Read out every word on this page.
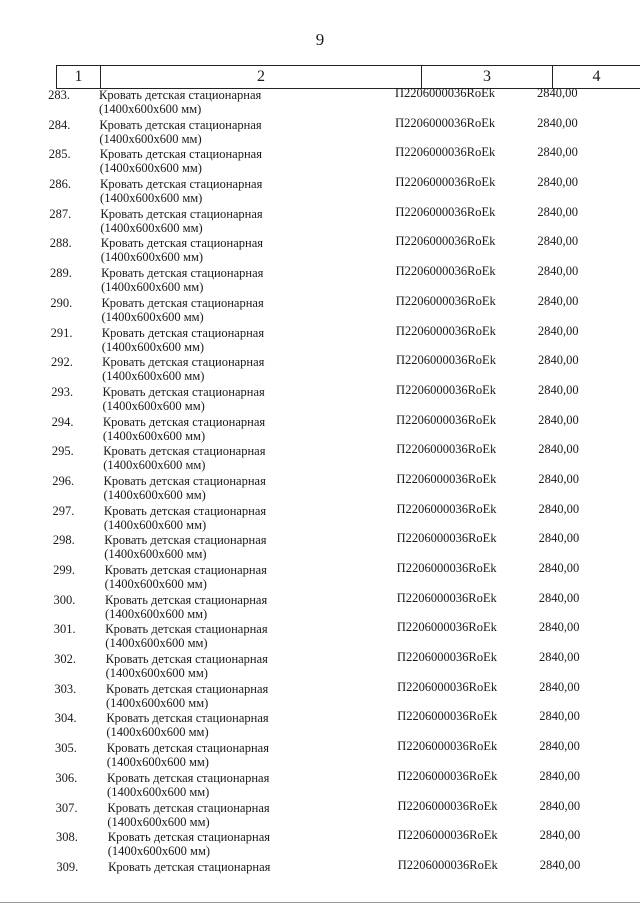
9
1	2	3	4
283. Кровать детская стационарная
(1400x600x600 мм)
П2206000036RoEk	2840,00
284. Кровать детская стационарная
(1400x600x600 мм)
П2206000036RoEk	2840,00
285. Кровать детская стационарная
(1400x600x600 мм)
П2206000036RoEk	2840,00
286. Кровать детская стационарная
(1400x600x600 мм)
П2206000036RoEk	2840,00
287. Кровать детская стационарная
(1400x600x600 мм)
П2206000036RoEk	2840,00
288. Кровать детская стационарная
(1400x600x600 мм)
П2206000036RoEk	2840,00
289. Кровать детская стационарная
(1400x600x600 мм)
П2206000036RoEk	2840,00
290. Кровать детская стационарная
(1400x600x600 мм)
П2206000036RoEk	2840,00
291. Кровать детская стационарная
(1400x600x600 мм)
П2206000036RoEk	2840,00
292. Кровать детская стационарная
(1400x600x600 мм)
П2206000036RoEk	2840,00
293. Кровать детская стационарная
(1400x600x600 мм)
П2206000036RoEk	2840,00
294. Кровать детская стационарная
(1400x600x600 мм)
П2206000036RoEk	2840,00
295. Кровать детская стационарная
(1400x600x600 мм)
П2206000036RoEk	2840,00
296. Кровать детская стационарная
(1400x600x600 мм)
П2206000036RoEk	2840,00
297. Кровать детская стационарная
(1400x600x600 мм)
П2206000036RoEk	2840,00
298. Кровать детская стационарная
(1400x600x600 мм)
П2206000036RoEk	2840,00
299. Кровать детская стационарная
(1400x600x600 мм)
П2206000036RoEk	2840,00
300. Кровать детская стационарная
(1400x600x600 мм)
П2206000036RoEk	2840,00
301. Кровать детская стационарная
(1400x600x600 мм)
П2206000036RoEk	2840,00
302. Кровать детская стационарная
(1400x600x600 мм)
П2206000036RoEk	2840,00
303. Кровать детская стационарная
(1400x600x600 мм)
П2206000036RoEk	2840,00
304. Кровать детская стационарная
(1400x600x600 мм)
П2206000036RoEk	2840,00
305. Кровать детская стационарная
(1400x600x600 мм)
П2206000036RoEk	2840,00
306. Кровать детская стационарная
(1400x600x600 мм)
П2206000036RoEk	2840,00
307. Кровать детская стационарная
(1400x600x600 мм)
П2206000036RoEk	2840,00
308. Кровать детская стационарная
(1400x600x600 мм)
П2206000036RoEk	2840,00
309. Кровать детская стационарная	П2206000036RoEk	2840,00
